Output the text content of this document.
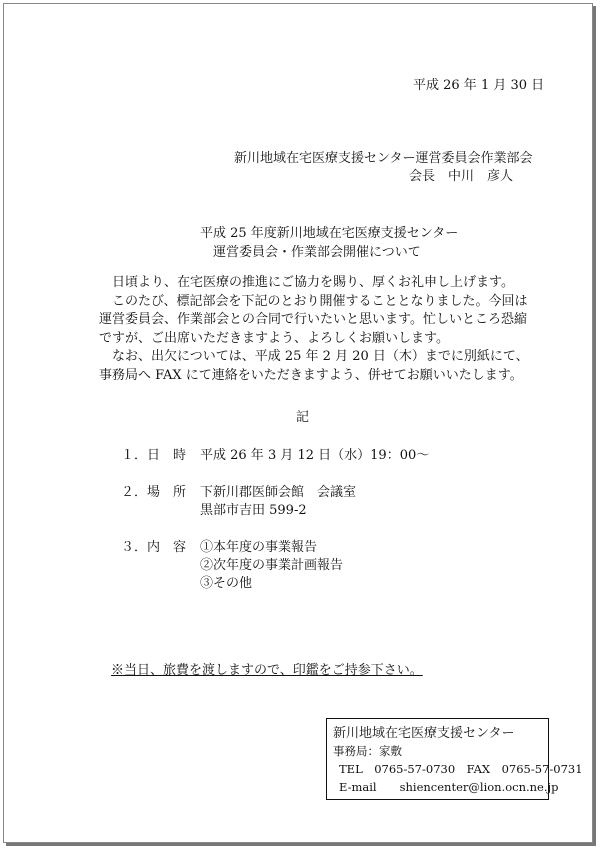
平成 26 年 1 月 30 日
新川地域在宅医療支援センター運営委員会作業部会
会長　中川　彦人
平成 25 年度新川地域在宅医療支援センター
運営委員会・作業部会開催について

日頃より、在宅医療の推進にご協力を賜り、厚くお礼申し上げます。

このたび、標記部会を下記のとおり開催することとなりました。今回は運営委員会、作業部会との合同で行いたいと思います。忙しいところ恐縮ですが、ご出席いただきますよう、よろしくお願いします。

なお、出欠については、平成 25 年 2 月 20 日（木）までに別紙にて、事務局へ FAX にて連絡をいただきますよう、併せてお願いいたします。

記
１．日　時 平成 26 年 3 月 12 日（水）19：00～
２．場　所 下新川郡医師会館　会議室
黒部市吉田 599-2
３．内　容 ①本年度の事業報告
②次年度の事業計画報告
③その他
※当日、旅費を渡しますので、印鑑をご持参下さい。
新川地域在宅医療支援センター
事務局：家敷
TEL　0765-57-0730　FAX　0765-57-0731
E-mail　　shiencenter@lion.ocn.ne.jp
